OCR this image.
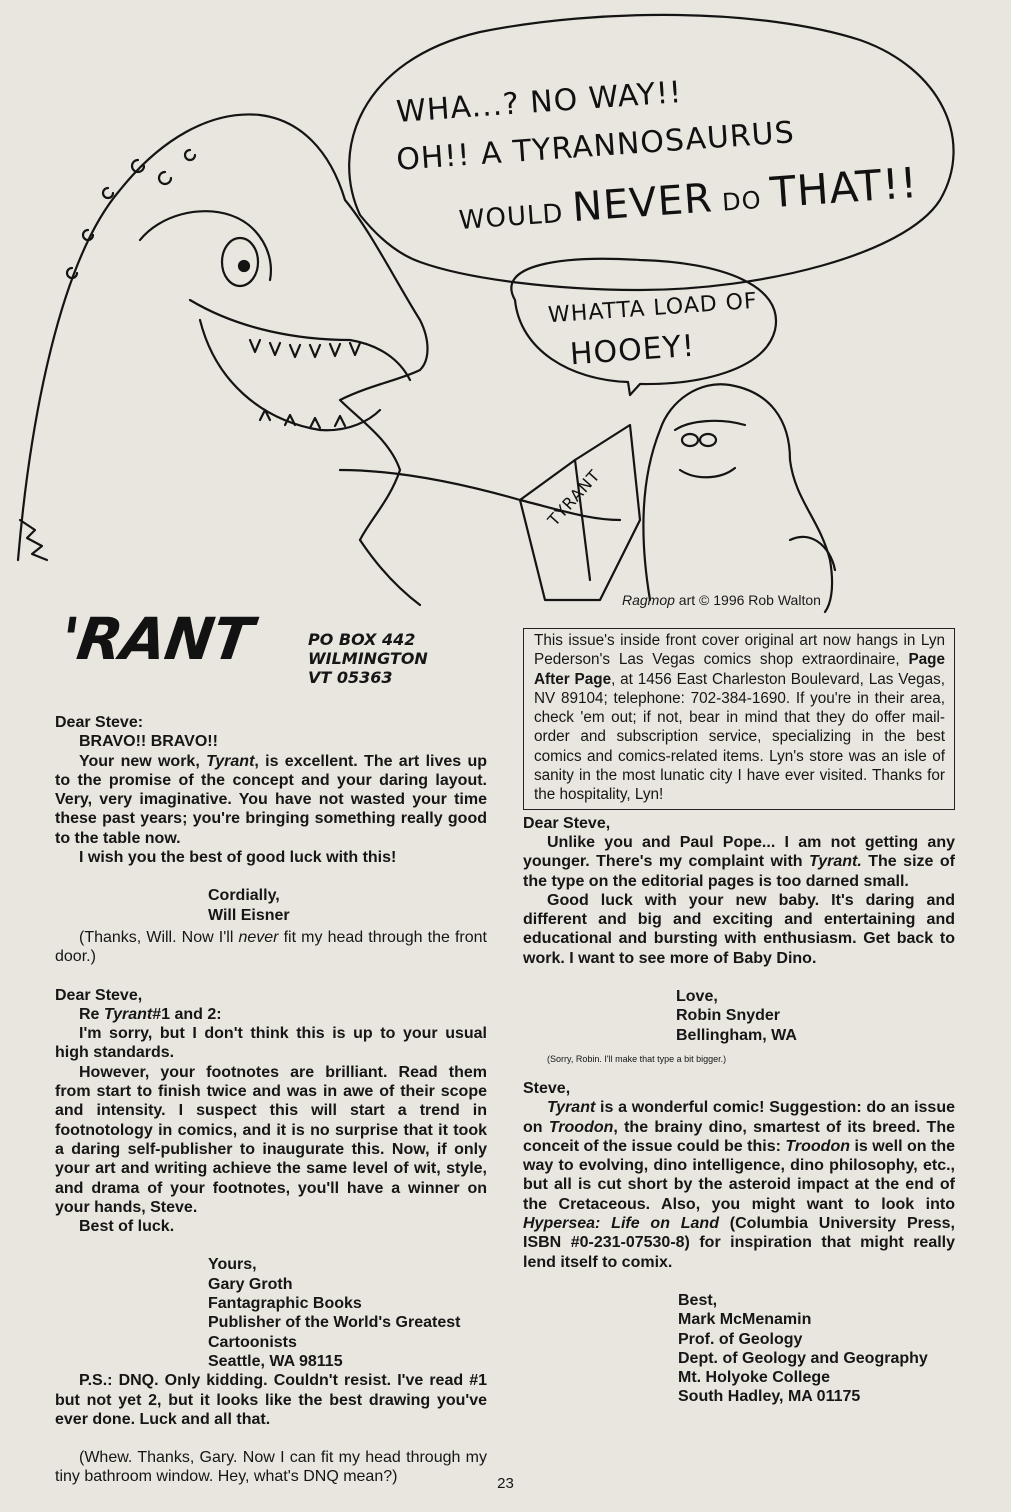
WHA...? NO WAY!!
OH!! A TYRANNOSAURUS
WOULD NEVER DO THAT!!
WHATTA LOAD OF
HOOEY!
TYRANT
Ragmop art © 1996 Rob Walton
'RANT	PO BOX 442
WILMINGTON
VT 05363

Dear Steve:

BRAVO!! BRAVO!!

Your new work, Tyrant, is excellent. The art lives up to the promise of the concept and your daring layout. Very, very imaginative. You have not wasted your time these past years; you're bringing something really good to the table now.

I wish you the best of good luck with this!

Cordially,

Will Eisner

(Thanks, Will. Now I'll never fit my head through the front door.)

Dear Steve,

Re Tyrant#1 and 2:

I'm sorry, but I don't think this is up to your usual high standards.

However, your footnotes are brilliant. Read them from start to finish twice and was in awe of their scope and intensity. I suspect this will start a trend in footnotology in comics, and it is no surprise that it took a daring self-publisher to inaugurate this. Now, if only your art and writing achieve the same level of wit, style, and drama of your footnotes, you'll have a winner on your hands, Steve.

Best of luck.

Yours,

Gary Groth

Fantagraphic Books

Publisher of the World's Greatest

Cartoonists

Seattle, WA 98115

P.S.: DNQ. Only kidding. Couldn't resist. I've read #1 but not yet 2, but it looks like the best drawing you've ever done. Luck and all that.

(Whew. Thanks, Gary. Now I can fit my head through my tiny bathroom window. Hey, what's DNQ mean?)

This issue's inside front cover original art now hangs in Lyn Pederson's Las Vegas comics shop extraordinaire, Page After Page, at 1456 East Charleston Boulevard, Las Vegas, NV 89104; telephone: 702-384-1690. If you're in their area, check 'em out; if not, bear in mind that they do offer mail-order and subscription service, specializing in the best comics and comics-related items. Lyn's store was an isle of sanity in the most lunatic city I have ever visited. Thanks for the hospitality, Lyn!

Dear Steve,

Unlike you and Paul Pope... I am not getting any younger. There's my complaint with Tyrant. The size of the type on the editorial pages is too darned small.

Good luck with your new baby. It's daring and different and big and exciting and entertaining and educational and bursting with enthusiasm. Get back to work. I want to see more of Baby Dino.

Love,

Robin Snyder

Bellingham, WA

(Sorry, Robin. I'll make that type a bit bigger.)

Steve,

Tyrant is a wonderful comic! Suggestion: do an issue on Troodon, the brainy dino, smartest of its breed. The conceit of the issue could be this: Troodon is well on the way to evolving, dino intelligence, dino philosophy, etc., but all is cut short by the asteroid impact at the end of the Cretaceous. Also, you might want to look into Hypersea: Life on Land (Columbia University Press, ISBN #0-231-07530-8) for inspiration that might really lend itself to comix.

Best,

Mark McMenamin

Prof. of Geology

Dept. of Geology and Geography

Mt. Holyoke College

South Hadley, MA 01175

23
